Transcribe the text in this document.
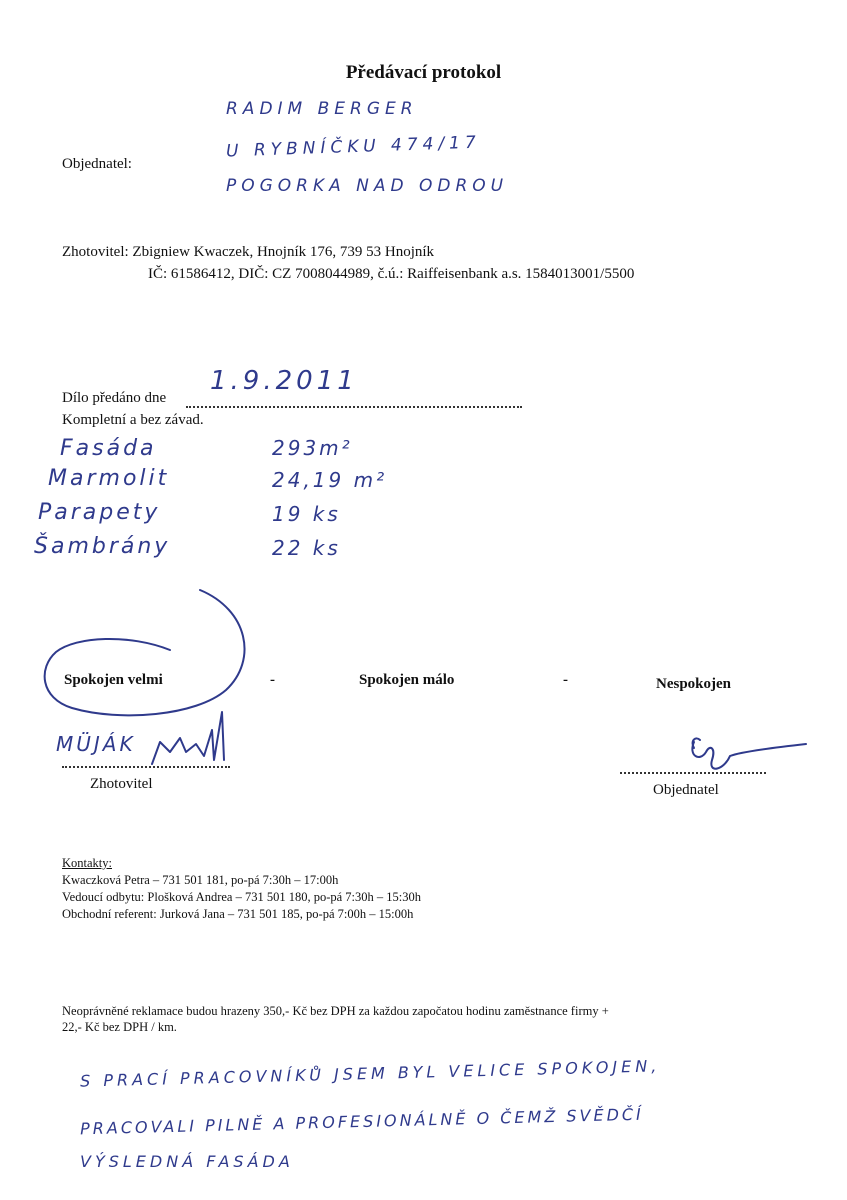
Předávací protokol
Objednatel:
RADIM BERGER
U RYBNÍČKU 474/17
POGORKA NAD ODROU
Zhotovitel: Zbigniew Kwaczek, Hnojník 176, 739 53 Hnojník
IČ: 61586412, DIČ: CZ 7008044989, č.ú.: Raiffeisenbank a.s. 1584013001/5500
Dílo předáno dne
1.9.2011
Kompletní a bez závad.
Fasáda	293m²
Marmolit	24,19 m²
Parapety	19 ks
Šambrány	22 ks
Spokojen velmi	-	Spokojen málo	-	Nespokojen
MÜJÁK
Zhotovitel	Objednatel
Kontakty:
Kwaczková Petra – 731 501 181, po-pá 7:30h – 17:00h
Vedoucí odbytu: Plošková Andrea – 731 501 180, po-pá 7:30h – 15:30h
Obchodní referent: Jurková Jana – 731 501 185, po-pá 7:00h – 15:00h
Neoprávněné reklamace budou hrazeny 350,- Kč bez DPH za každou započatou hodinu zaměstnance firmy +
22,- Kč bez DPH / km.
S PRACÍ PRACOVNÍKŮ JSEM BYL VELICE SPOKOJEN,
PRACOVALI PILNĚ A PROFESIONÁLNĚ O ČEMŽ SVĚDČÍ
VÝSLEDNÁ FASÁDA
